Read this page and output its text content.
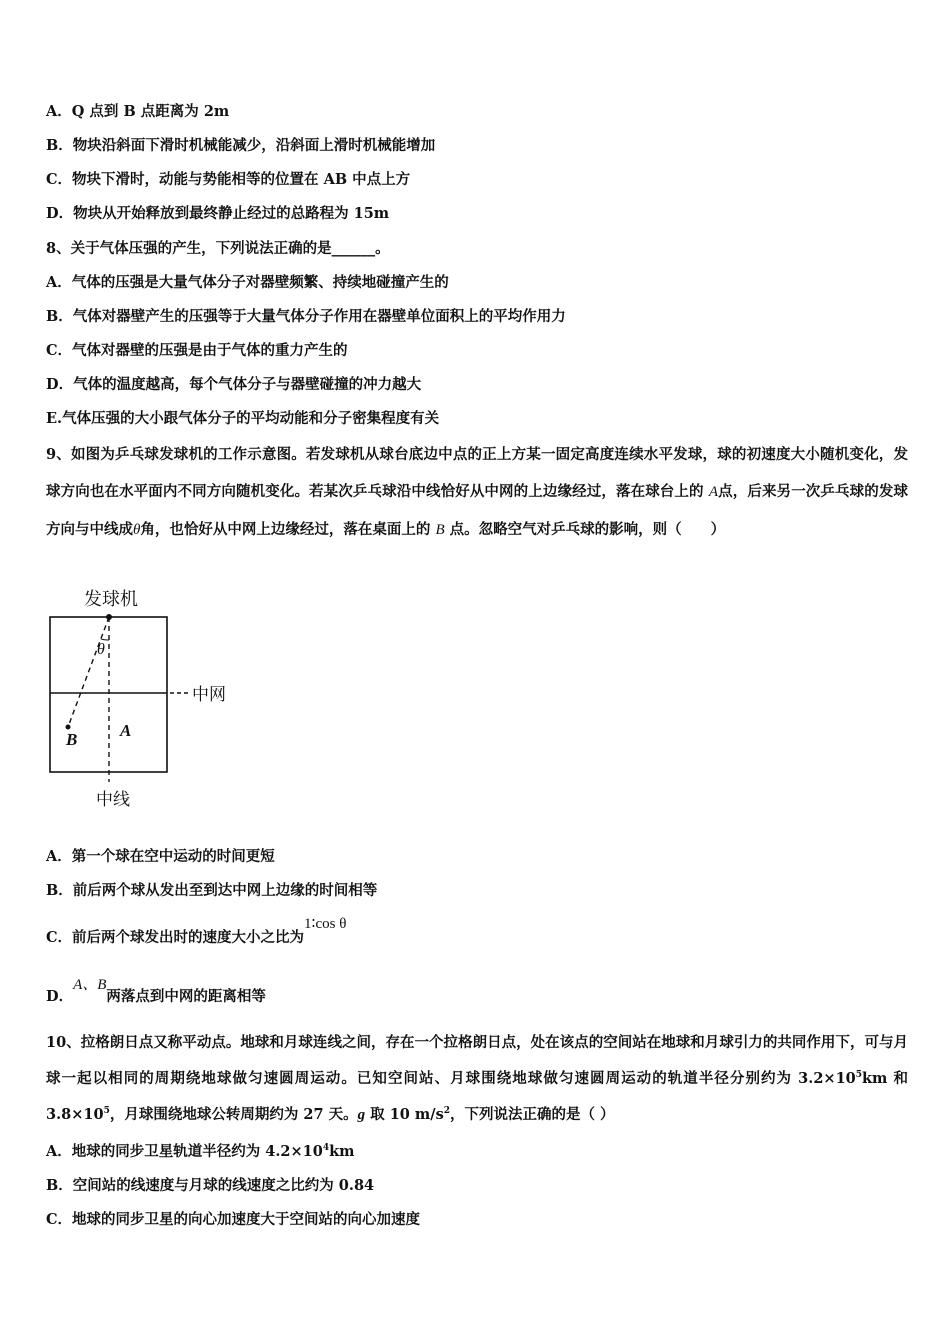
A．Q 点到 B 点距离为 2m
B．物块沿斜面下滑时机械能减少，沿斜面上滑时机械能增加
C．物块下滑时，动能与势能相等的位置在 AB 中点上方
D．物块从开始释放到最终静止经过的总路程为 15m
8、关于气体压强的产生，下列说法正确的是______。
A．气体的压强是大量气体分子对器壁频繁、持续地碰撞产生的
B．气体对器壁产生的压强等于大量气体分子作用在器壁单位面积上的平均作用力
C．气体对器壁的压强是由于气体的重力产生的
D．气体的温度越高，每个气体分子与器壁碰撞的冲力越大
E.气体压强的大小跟气体分子的平均动能和分子密集程度有关
9、如图为乒乓球发球机的工作示意图。若发球机从球台底边中点的正上方某一固定高度连续水平发球，球的初速度大小随机变化，发球方向也在水平面内不同方向随机变化。若某次乒乓球沿中线恰好从中网的上边缘经过，落在球台上的 A点，后来另一次乒乓球的发球方向与中线成θ角，也恰好从中网上边缘经过，落在桌面上的 B 点。忽略空气对乒乓球的影响，则（　　）
发球机
中网
θ
B	A
中线
A．第一个球在空中运动的时间更短
B．前后两个球从发出至到达中网上边缘的时间相等
C．前后两个球发出时的速度大小之比为1∶cos θ
D．A、B两落点到中网的距离相等
10、拉格朗日点又称平动点。地球和月球连线之间，存在一个拉格朗日点，处在该点的空间站在地球和月球引力的共同作用下，可与月球一起以相同的周期绕地球做匀速圆周运动。已知空间站、月球围绕地球做匀速圆周运动的轨道半径分别约为 $3.2\times 10^5km$ 和 $3.8\times 10^5$，月球围绕地球公转周期约为 27 天。g 取 10 $m/s^2$，下列说法正确的是（ ）
A．地球的同步卫星轨道半径约为 $4.2\times 10^4km$
B．空间站的线速度与月球的线速度之比约为 0.84
C．地球的同步卫星的向心加速度大于空间站的向心加速度
